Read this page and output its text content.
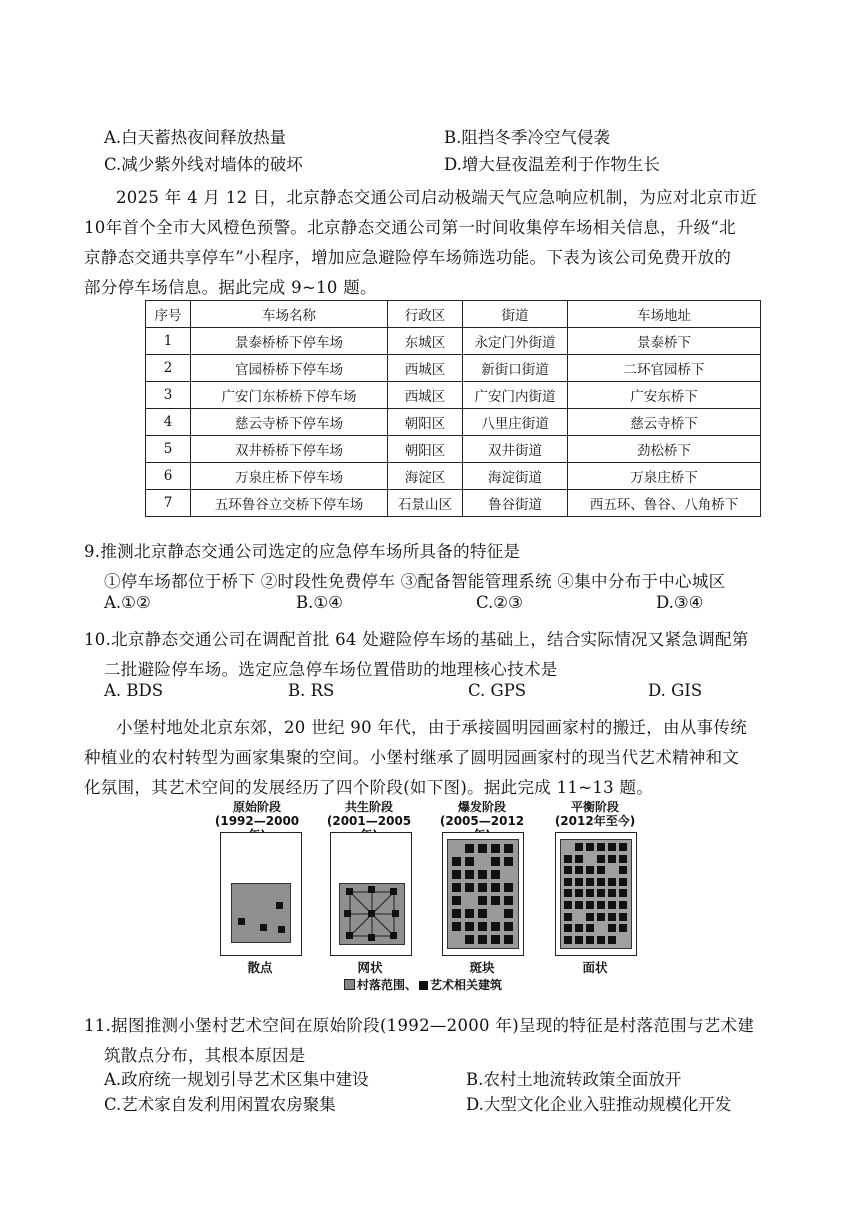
A.白天蓄热夜间释放热量	B.阻挡冬季冷空气侵袭
C.减少紫外线对墙体的破坏	D.增大昼夜温差利于作物生长
2025 年 4 月 12 日，北京静态交通公司启动极端天气应急响应机制，为应对北京市近
10年首个全市大风橙色预警。北京静态交通公司第一时间收集停车场相关信息，升级“北
京静态交通共享停车”小程序，增加应急避险停车场筛选功能。下表为该公司免费开放的
部分停车场信息。据此完成 9~10 题。
序号	车场名称	行政区	街道	车场地址
1	景泰桥桥下停车场	东城区	永定门外街道	景泰桥下
2	官园桥桥下停车场	西城区	新街口街道	二环官园桥下
3	广安门东桥桥下停车场	西城区	广安门内街道	广安东桥下
4	慈云寺桥下停车场	朝阳区	八里庄街道	慈云寺桥下
5	双井桥桥下停车场	朝阳区	双井街道	劲松桥下
6	万泉庄桥下停车场	海淀区	海淀街道	万泉庄桥下
7	五环鲁谷立交桥下停车场	石景山区	鲁谷街道	西五环、鲁谷、八角桥下
9.推测北京静态交通公司选定的应急停车场所具备的特征是
①停车场都位于桥下 ②时段性免费停车 ③配备智能管理系统 ④集中分布于中心城区
A.①②	B.①④	C.②③	D.③④
10.北京静态交通公司在调配首批 64 处避险停车场的基础上，结合实际情况又紧急调配第
二批避险停车场。选定应急停车场位置借助的地理核心技术是
A. BDS	B. RS	C. GPS	D. GIS
小堡村地处北京东郊，20 世纪 90 年代，由于承接圆明园画家村的搬迁，由从事传统
种植业的农村转型为画家集聚的空间。小堡村继承了圆明园画家村的现当代艺术精神和文
化氛围，其艺术空间的发展经历了四个阶段(如下图)。据此完成 11~13 题。
原始阶段
(1992—2000
散点
共生阶段
(2001—2005
网状
爆发阶段
(2005—2012
斑块
平衡阶段
(2012年至今)
面状
村落范围、 艺术相关建筑
11.据图推测小堡村艺术空间在原始阶段(1992—2000 年)呈现的特征是村落范围与艺术建
筑散点分布，其根本原因是
A.政府统一规划引导艺术区集中建设	B.农村土地流转政策全面放开
C.艺术家自发利用闲置农房聚集	D.大型文化企业入驻推动规模化开发
